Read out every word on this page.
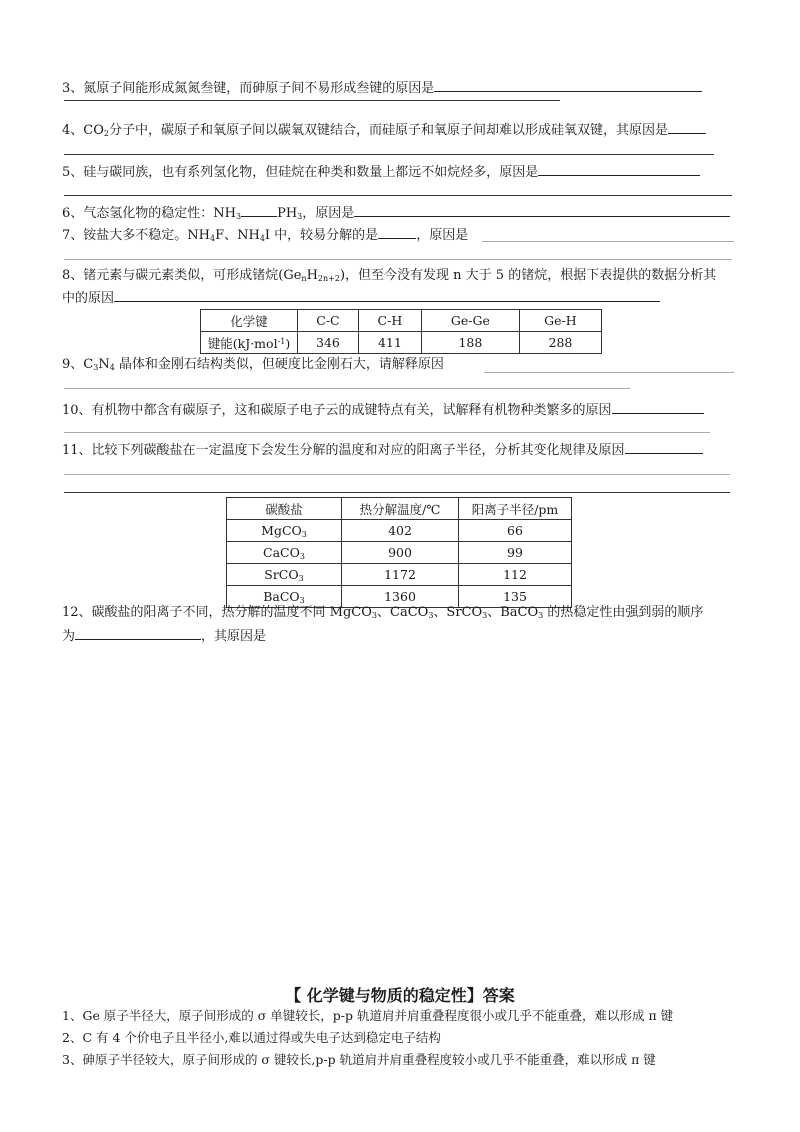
3、氮原子间能形成氮氮叁键，而砷原子间不易形成叁键的原因是
4、$CO_2$分子中，碳原子和氧原子间以碳氧双键结合，而硅原子和氧原子间却难以形成硅氧双键，其原因是
5、硅与碳同族，也有系列氢化物，但硅烷在种类和数量上都远不如烷烃多，原因是
6、气态氢化物的稳定性：$NH_3$	$PH_3$，原因是
7、铵盐大多不稳定。$NH_4F$、$NH_4I$ 中，较易分解的是	，原因是
8、锗元素与碳元素类似，可形成锗烷$(Ge_nH_{2n+2})$，但至今没有发现 n 大于 5 的锗烷，根据下表提供的数据分析其
中的原因
化学键	C-C	C-H	Ge-Ge	Ge-H
键能(kJ·mol$^{-1}$)	346	411	188	288
9、$C_3N_4$ 晶体和金刚石结构类似，但硬度比金刚石大，请解释原因
10、有机物中都含有碳原子，这和碳原子电子云的成键特点有关，试解释有机物种类繁多的原因
11、比较下列碳酸盐在一定温度下会发生分解的温度和对应的阳离子半径，分析其变化规律及原因
碳酸盐	热分解温度/℃	阳离子半径/pm
MgCO$_3$	402	66
CaCO$_3$	900	99
SrCO$_3$	1172	112
BaCO$_3$	1360	135
12、碳酸盐的阳离子不同，热分解的温度不同 MgCO$_3$、CaCO$_3$、SrCO$_3$、BaCO$_3$ 的热稳定性由强到弱的顺序
为	，其原因是
【 化学键与物质的稳定性】答案
1、Ge 原子半径大，原子间形成的 σ 单键较长，p-p 轨道肩并肩重叠程度很小或几乎不能重叠，难以形成 π 键
2、C 有 4 个价电子且半径小,难以通过得或失电子达到稳定电子结构
3、砷原子半径较大，原子间形成的 σ 键较长,p-p 轨道肩并肩重叠程度较小或几乎不能重叠，难以形成 π 键
